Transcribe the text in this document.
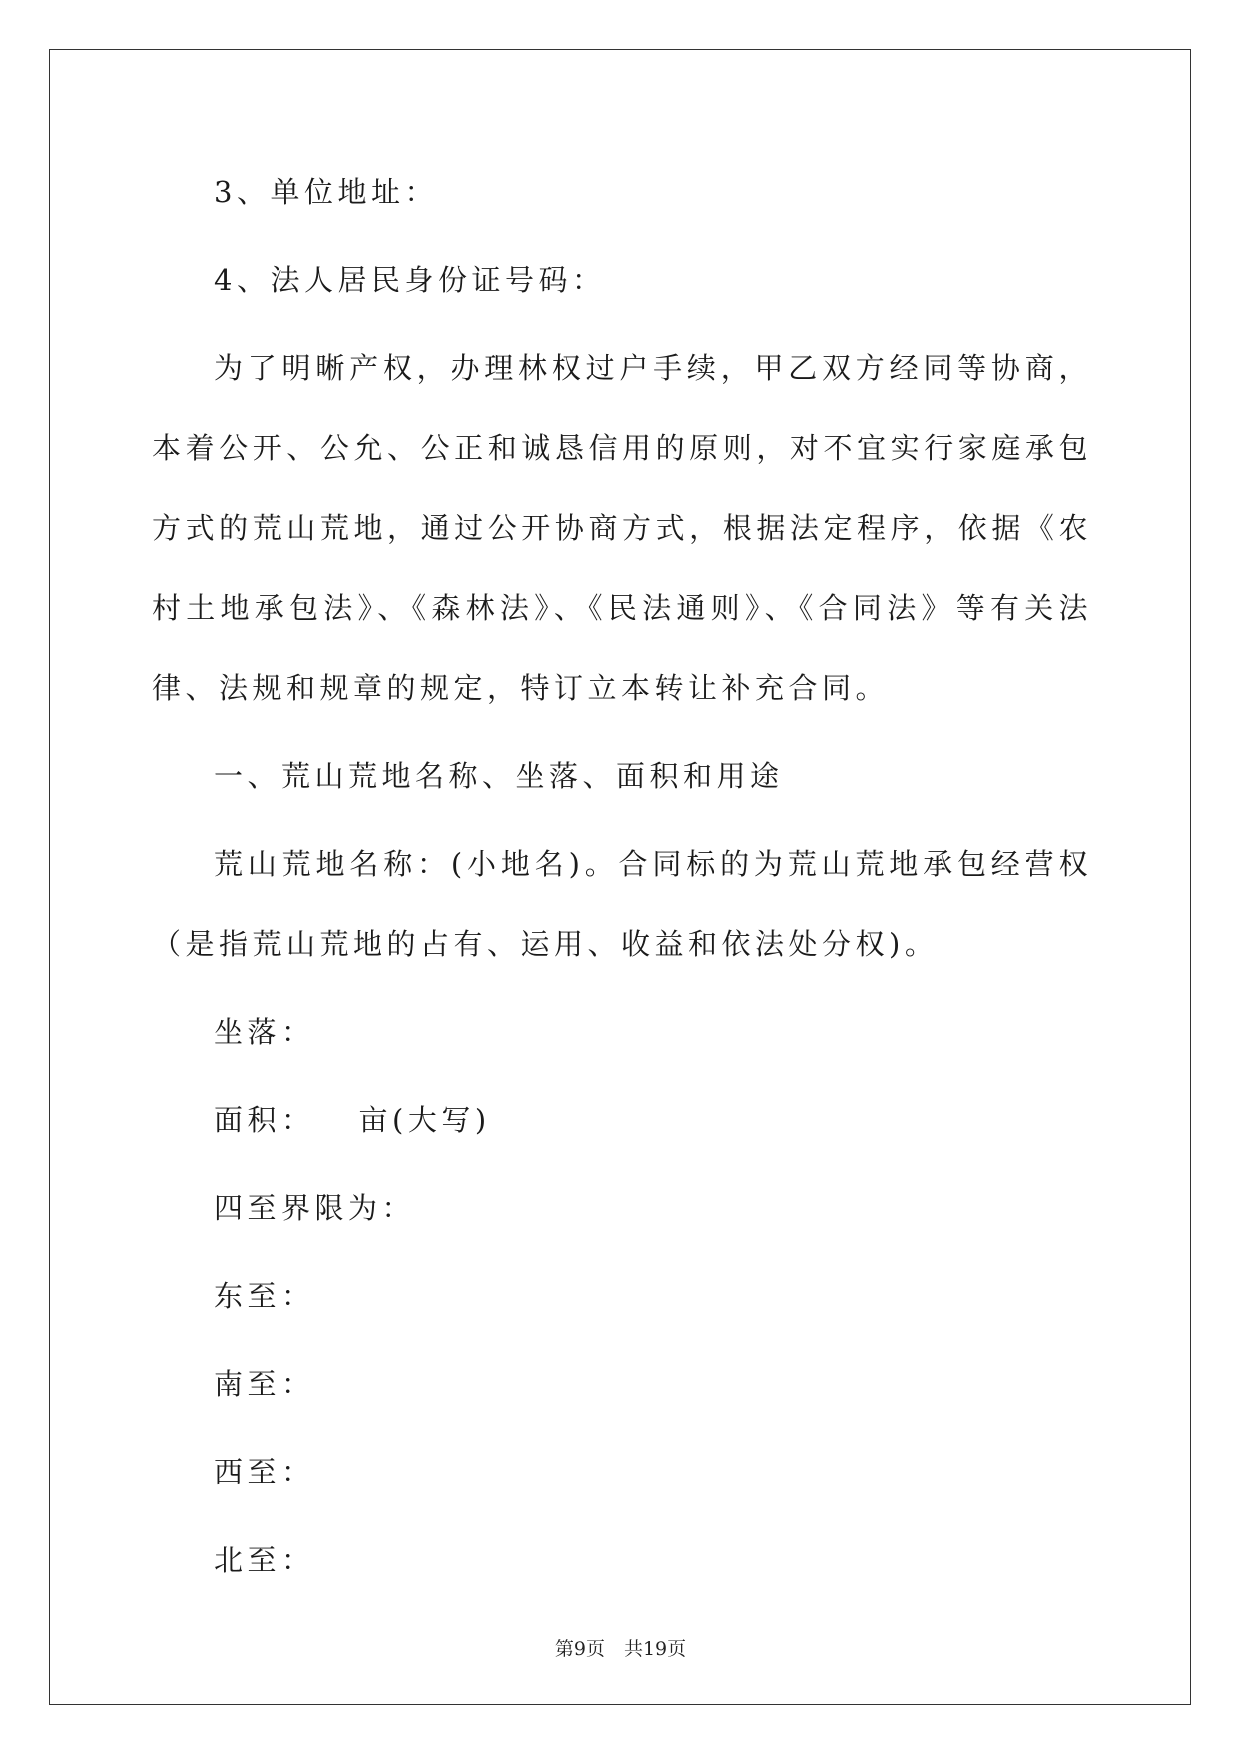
3、单位地址：

4、法人居民身份证号码：

为了明晰产权，办理林权过户手续，甲乙双方经同等协商，本着公开、公允、公正和诚恳信用的原则，对不宜实行家庭承包方式的荒山荒地，通过公开协商方式，根据法定程序，依据《农村土地承包法》、《森林法》、《民法通则》、《合同法》等有关法律、法规和规章的规定，特订立本转让补充合同。

一、荒山荒地名称、坐落、面积和用途

荒山荒地名称：(小地名)。合同标的为荒山荒地承包经营权（是指荒山荒地的占有、运用、收益和依法处分权)。

坐落：

面积： 亩(大写)

四至界限为：

东至：

南至：

西至：

北至：

第9页　共19页
